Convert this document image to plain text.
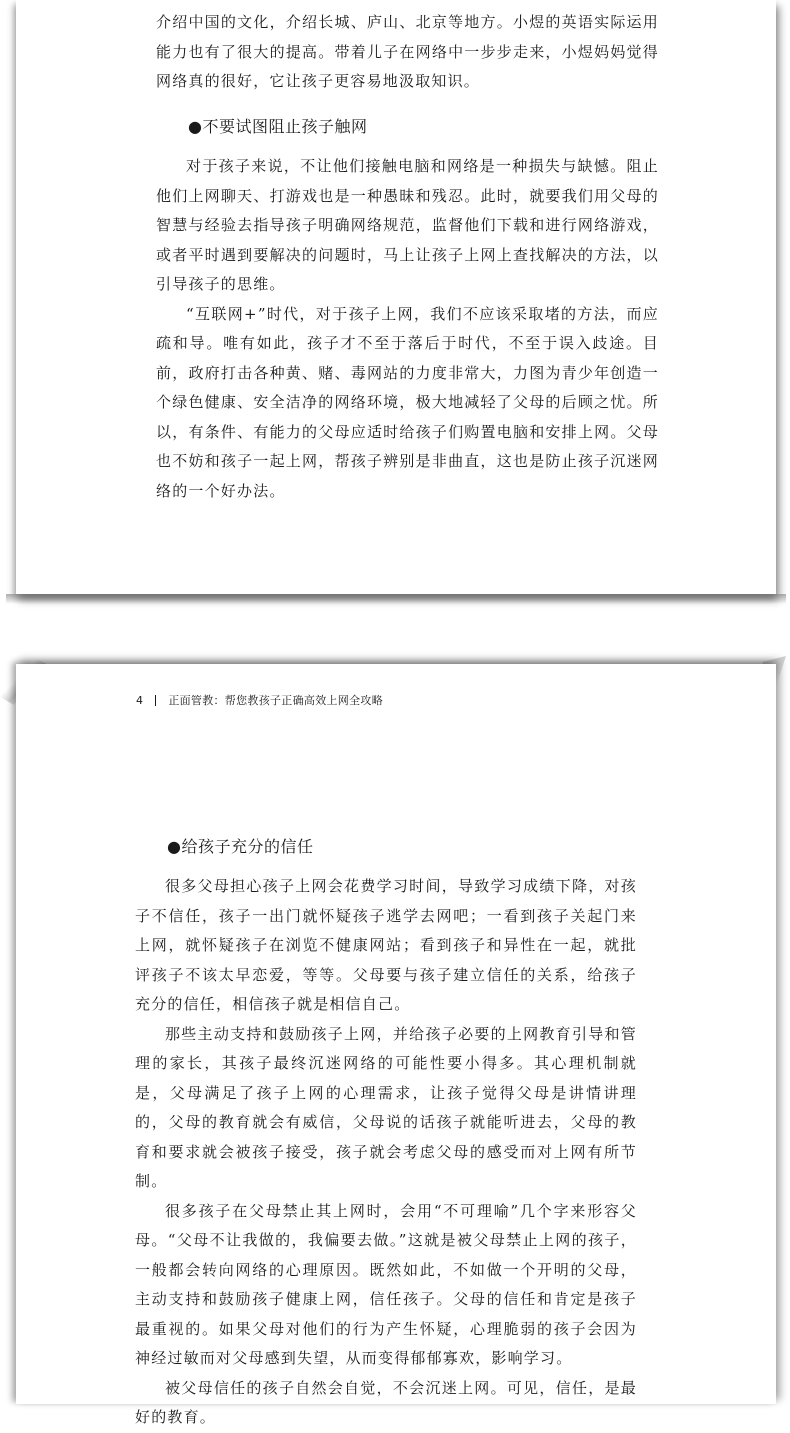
介绍中国的文化，介绍长城、庐山、北京等地方。小煜的英语实际运用能力也有了很大的提高。带着儿子在网络中一步步走来，小煜妈妈觉得网络真的很好，它让孩子更容易地汲取知识。

●不要试图阻止孩子触网

对于孩子来说，不让他们接触电脑和网络是一种损失与缺憾。阻止他们上网聊天、打游戏也是一种愚昧和残忍。此时，就要我们用父母的智慧与经验去指导孩子明确网络规范，监督他们下载和进行网络游戏，或者平时遇到要解决的问题时，马上让孩子上网上查找解决的方法，以引导孩子的思维。

“互联网+”时代，对于孩子上网，我们不应该采取堵的方法，而应疏和导。唯有如此，孩子才不至于落后于时代，不至于误入歧途。目前，政府打击各种黄、赌、毒网站的力度非常大，力图为青少年创造一个绿色健康、安全洁净的网络环境，极大地减轻了父母的后顾之忧。所以，有条件、有能力的父母应适时给孩子们购置电脑和安排上网。父母也不妨和孩子一起上网，帮孩子辨别是非曲直，这也是防止孩子沉迷网络的一个好办法。

4 正面管教：帮您教孩子正确高效上网全攻略

●给孩子充分的信任

很多父母担心孩子上网会花费学习时间，导致学习成绩下降，对孩子不信任，孩子一出门就怀疑孩子逃学去网吧；一看到孩子关起门来上网，就怀疑孩子在浏览不健康网站；看到孩子和异性在一起，就批评孩子不该太早恋爱，等等。父母要与孩子建立信任的关系，给孩子充分的信任，相信孩子就是相信自己。

那些主动支持和鼓励孩子上网，并给孩子必要的上网教育引导和管理的家长，其孩子最终沉迷网络的可能性要小得多。其心理机制就是，父母满足了孩子上网的心理需求，让孩子觉得父母是讲情讲理的，父母的教育就会有威信，父母说的话孩子就能听进去，父母的教育和要求就会被孩子接受，孩子就会考虑父母的感受而对上网有所节制。

很多孩子在父母禁止其上网时，会用“不可理喻”几个字来形容父母。“父母不让我做的，我偏要去做。”这就是被父母禁止上网的孩子，一般都会转向网络的心理原因。既然如此，不如做一个开明的父母，主动支持和鼓励孩子健康上网，信任孩子。父母的信任和肯定是孩子最重视的。如果父母对他们的行为产生怀疑，心理脆弱的孩子会因为神经过敏而对父母感到失望，从而变得郁郁寡欢，影响学习。

被父母信任的孩子自然会自觉，不会沉迷上网。可见，信任，是最好的教育。
